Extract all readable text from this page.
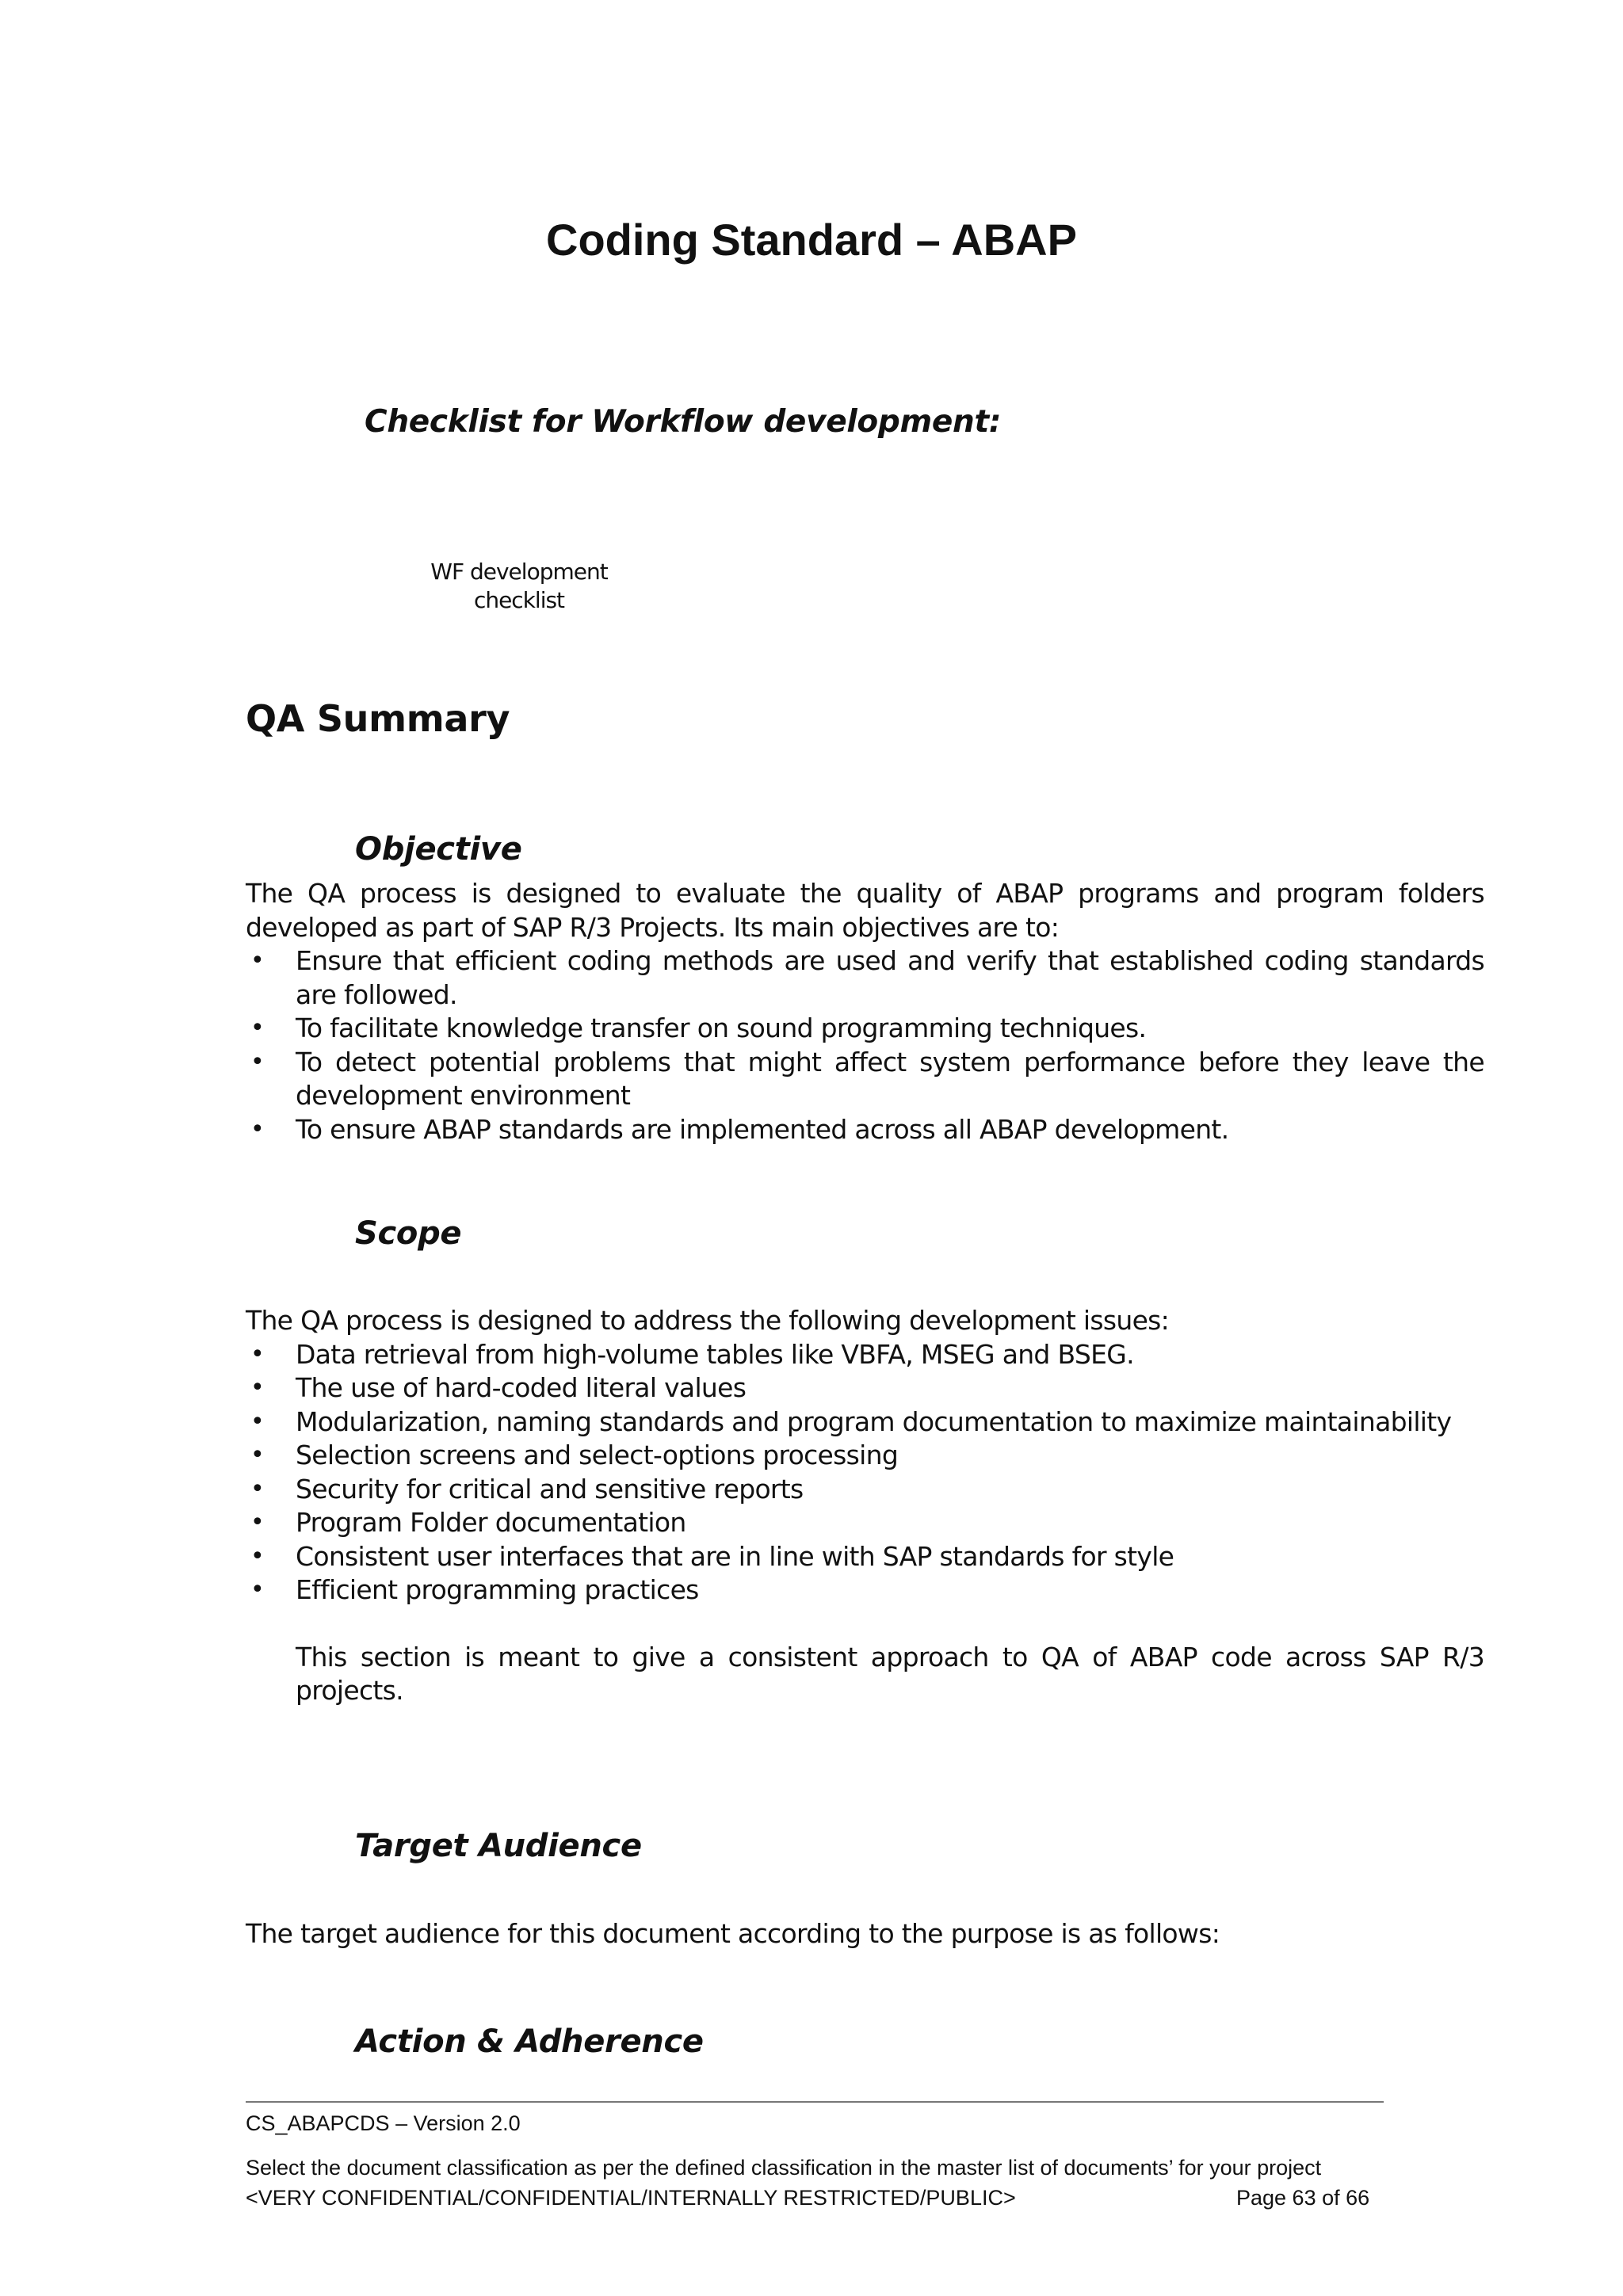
Coding Standard – ABAP
Checklist for Workflow development:
WF development
checklist
QA Summary
Objective

The QA process is designed to evaluate the quality of ABAP programs and program folders developed as part of SAP R/3 Projects. Its main objectives are to:

• Ensure that efficient coding methods are used and verify that established coding standards are followed.
• To facilitate knowledge transfer on sound programming techniques.
• To detect potential problems that might affect system performance before they leave the development environment
• To ensure ABAP standards are implemented across all ABAP development.
Scope

The QA process is designed to address the following development issues:

• Data retrieval from high-volume tables like VBFA, MSEG and BSEG.
• The use of hard-coded literal values
• Modularization, naming standards and program documentation to maximize maintainability
• Selection screens and select-options processing
• Security for critical and sensitive reports
• Program Folder documentation
• Consistent user interfaces that are in line with SAP standards for style
• Efficient programming practices

This section is meant to give a consistent approach to QA of ABAP code across SAP R/3 projects.

Target Audience

The target audience for this document according to the purpose is as follows:

Action & Adherence
CS_ABAPCDS – Version 2.0
Select the document classification as per the defined classification in the master list of documents’ for your project
<VERY CONFIDENTIAL/CONFIDENTIAL/INTERNALLY RESTRICTED/PUBLIC>	Page 63 of 66
